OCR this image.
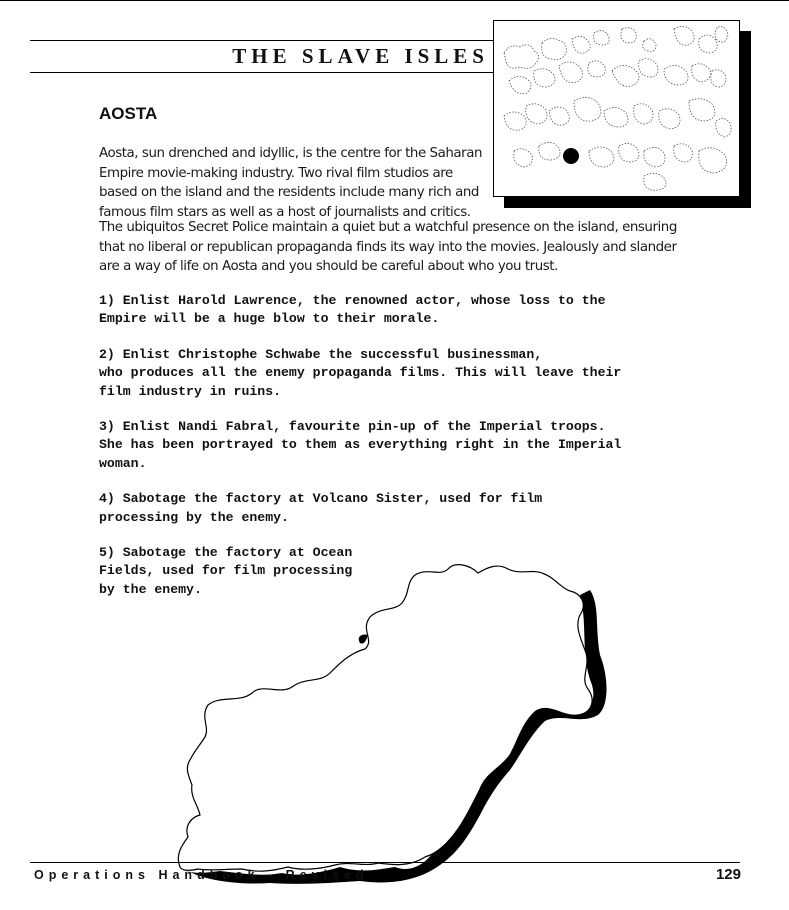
THE SLAVE ISLES
AOSTA
Aosta, sun drenched and idyllic, is the centre for the Saharan Empire movie-making industry. Two rival film studios are based on the island and the residents include many rich and famous film stars as well as a host of journalists and critics.
The ubiquitos Secret Police maintain a quiet but a watchful presence on the island, ensuring that no liberal or republican propaganda finds its way into the movies. Jealously and slander are a way of life on Aosta and you should be careful about who you trust.

1) Enlist Harold Lawrence, the renowned actor, whose loss to the
Empire will be a huge blow to their morale.

2) Enlist Christophe Schwabe the successful businessman,
who produces all the enemy propaganda films. This will leave their
film industry in ruins.

3) Enlist Nandi Fabral, favourite pin-up of the Imperial troops.
She has been portrayed to them as everything right in the Imperial
woman.

4) Sabotage the factory at Volcano Sister, used for film
processing by the enemy.

5) Sabotage the factory at Ocean
Fields, used for film processing
by the enemy.

Operations Handbook - Revised	129
